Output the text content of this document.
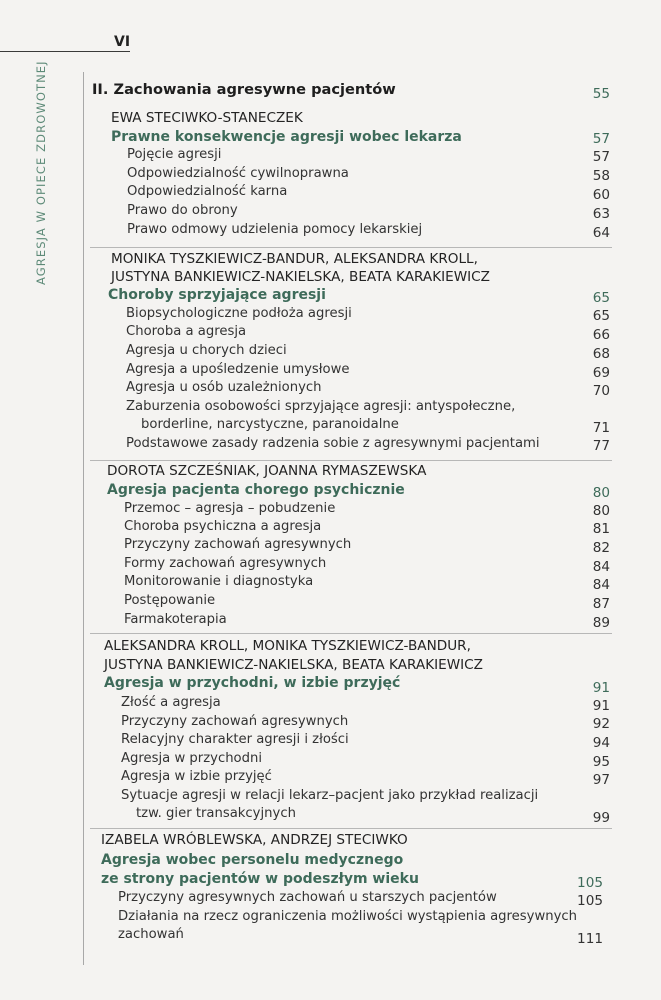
VI
AGRESJA W OPIECE ZDROWOTNEJ	II. Zachowania agresywne pacjentów	55
EWA STECIWKO-STANECZEK
Prawne konsekwencje agresji wobec lekarza	57
Pojęcie agresji	57
Odpowiedzialność cywilnoprawna	58
Odpowiedzialność karna	60
Prawo do obrony	63
Prawo odmowy udzielenia pomocy lekarskiej	64
MONIKA TYSZKIEWICZ-BANDUR, ALEKSANDRA KROLL,
JUSTYNA BANKIEWICZ-NAKIELSKA, BEATA KARAKIEWICZ
Choroby sprzyjające agresji	65
Biopsychologiczne podłoża agresji	65
Choroba a agresja	66
Agresja u chorych dzieci	68
Agresja a upośledzenie umysłowe	69
Agresja u osób uzależnionych	70
Zaburzenia osobowości sprzyjające agresji: antyspołeczne,
borderline, narcystyczne, paranoidalne	71
Podstawowe zasady radzenia sobie z agresywnymi pacjentami	77
DOROTA SZCZEŚNIAK, JOANNA RYMASZEWSKA
Agresja pacjenta chorego psychicznie	80
Przemoc – agresja – pobudzenie	80
Choroba psychiczna a agresja	81
Przyczyny zachowań agresywnych	82
Formy zachowań agresywnych	84
Monitorowanie i diagnostyka	84
Postępowanie	87
Farmakoterapia	89
ALEKSANDRA KROLL, MONIKA TYSZKIEWICZ-BANDUR,
JUSTYNA BANKIEWICZ-NAKIELSKA, BEATA KARAKIEWICZ
Agresja w przychodni, w izbie przyjęć	91
Złość a agresja	91
Przyczyny zachowań agresywnych	92
Relacyjny charakter agresji i złości	94
Agresja w przychodni	95
Agresja w izbie przyjęć	97
Sytuacje agresji w relacji lekarz–pacjent jako przykład realizacji
tzw. gier transakcyjnych	99
IZABELA WRÓBLEWSKA, ANDRZEJ STECIWKO
Agresja wobec personelu medycznego
ze strony pacjentów w podeszłym wieku	105
Przyczyny agresywnych zachowań u starszych pacjentów	105
Działania na rzecz ograniczenia możliwości wystąpienia agresywnych
zachowań	111
